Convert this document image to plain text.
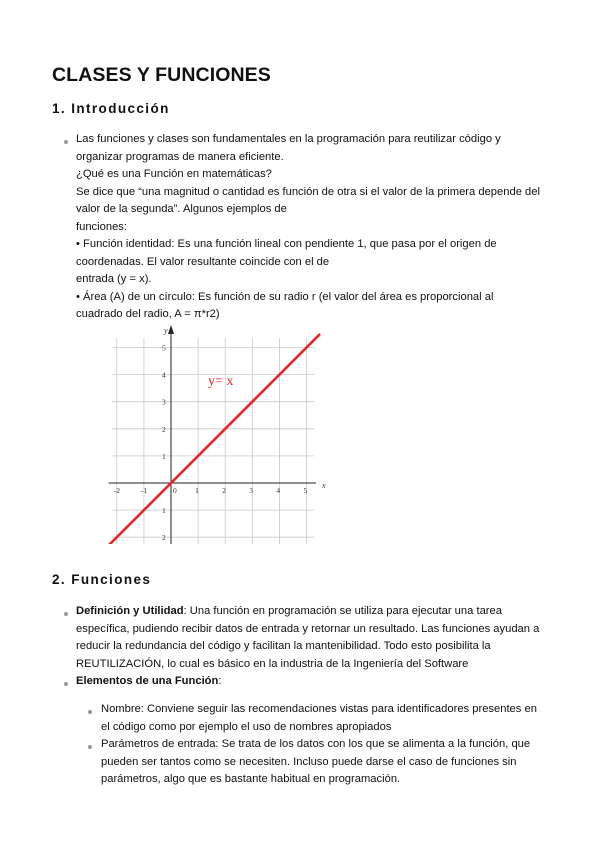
CLASES Y FUNCIONES
1. Introducción
Las funciones y clases son fundamentales en la programación para reutilizar código y
organizar programas de manera eficiente.
¿Qué es una Función en matemáticas?
Se dice que “una magnitud o cantidad es función de otra si el valor de la primera depende del
valor de la segunda”. Algunos ejemplos de
funciones:
• Función identidad: Es una función lineal con pendiente 1, que pasa por el origen de
coordenadas. El valor resultante coincide con el de
entrada (y = x).
• Área (A) de un círculo: Es función de su radio r (el valor del área es proporcional al
cuadrado del radio, A = π*r2)
-2	-1	0 1	2	3	4	5
5
4
3
2
1
1
2
y= x
x
y
2. Funciones
Definición y Utilidad: Una función en programación se utiliza para ejecutar una tarea
específica, pudiendo recibir datos de entrada y retornar un resultado. Las funciones ayudan a
reducir la redundancia del código y facilitan la mantenibilidad. Todo esto posibilita la
REUTILIZACIÓN, lo cual es básico en la industria de la Ingeniería del Software
Elementos de una Función:
Nombre: Conviene seguir las recomendaciones vistas para identificadores presentes en
el código como por ejemplo el uso de nombres apropiados
Parámetros de entrada: Se trata de los datos con los que se alimenta a la función, que
pueden ser tantos como se necesiten. Incluso puede darse el caso de funciones sin
parámetros, algo que es bastante habitual en programación.
